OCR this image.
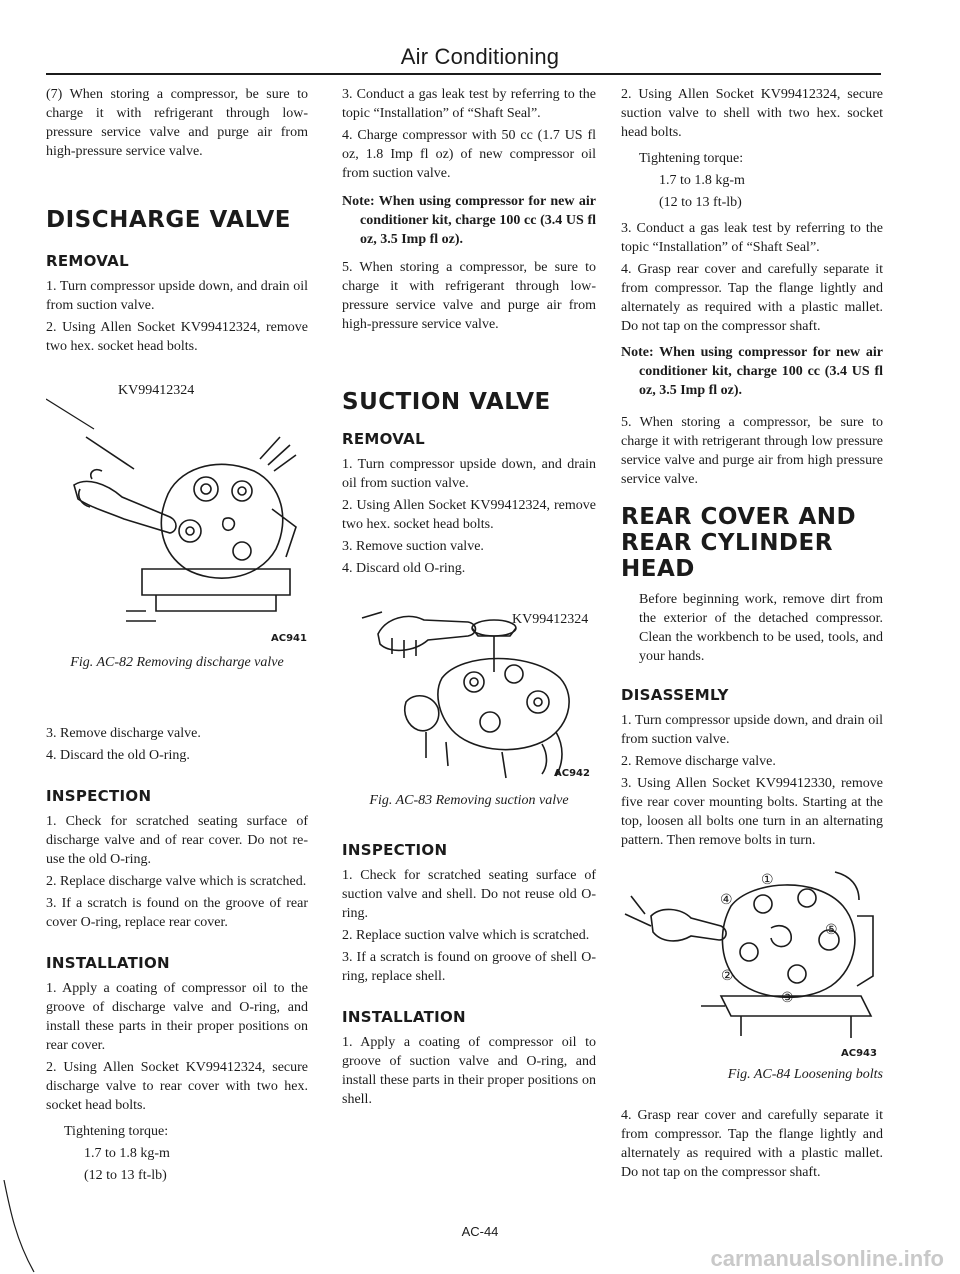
Air Conditioning

(7) When storing a compressor, be sure to charge it with refrigerant through low-pressure service valve and purge air from high-pressure service valve.

DISCHARGE VALVE
REMOVAL

1. Turn compressor upside down, and drain oil from suction valve.

2. Using Allen Socket KV99412324, remove two hex. socket head bolts.

KV99412324
AC941
Fig. AC-82 Removing discharge valve

3. Remove discharge valve.

4. Discard the old O-ring.

INSPECTION

1. Check for scratched seating surface of discharge valve and of rear cover. Do not re-use the old O-ring.

2. Replace discharge valve which is scratched.

3. If a scratch is found on the groove of rear cover O-ring, replace rear cover.

INSTALLATION

1. Apply a coating of compressor oil to the groove of discharge valve and O-ring, and install these parts in their proper positions on rear cover.

2. Using Allen Socket KV99412324, secure discharge valve to rear cover with two hex. socket head bolts.

Tightening torque:

1.7 to 1.8 kg-m

(12 to 13 ft-lb)

3. Conduct a gas leak test by referring to the topic “Installation” of “Shaft Seal”.

4. Charge compressor with 50 cc (1.7 US fl oz, 1.8 Imp fl oz) of new compressor oil from suction valve.

Note: When using compressor for new air conditioner kit, charge 100 cc (3.4 US fl oz, 3.5 Imp fl oz).

5. When storing a compressor, be sure to charge it with refrigerant through low-pressure service valve and purge air from high-pressure service valve.

SUCTION VALVE
REMOVAL

1. Turn compressor upside down, and drain oil from suction valve.

2. Using Allen Socket KV99412324, remove two hex. socket head bolts.

3. Remove suction valve.

4. Discard old O-ring.

KV99412324
AC942
Fig. AC-83 Removing suction valve
INSPECTION

1. Check for scratched seating surface of suction valve and shell. Do not reuse old O-ring.

2. Replace suction valve which is scratched.

3. If a scratch is found on groove of shell O-ring, replace shell.

INSTALLATION

1. Apply a coating of compressor oil to groove of suction valve and O-ring, and install these parts in their proper positions on shell.

2. Using Allen Socket KV99412324, secure suction valve to shell with two hex. socket head bolts.

Tightening torque:

1.7 to 1.8 kg-m

(12 to 13 ft-lb)

3. Conduct a gas leak test by referring to the topic “Installation” of “Shaft Seal”.

4. Grasp rear cover and carefully separate it from compressor. Tap the flange lightly and alternately as required with a plastic mallet. Do not tap on the compressor shaft.

Note: When using compressor for new air conditioner kit, charge 100 cc (3.4 US fl oz, 3.5 Imp fl oz).

5. When storing a compressor, be sure to charge it with retrigerant through low pressure service valve and purge air from high pressure service valve.

REAR COVER AND
REAR CYLINDER
HEAD

Before beginning work, remove dirt from the exterior of the detached compressor. Clean the workbench to be used, tools, and your hands.

DISASSEMLY

1. Turn compressor upside down, and drain oil from suction valve.

2. Remove discharge valve.

3. Using Allen Socket KV99412330, remove five rear cover mounting bolts. Starting at the top, loosen all bolts one turn in an alternating pattern. Then remove bolts in turn.

④
①
⑤
②
③
AC943
Fig. AC-84 Loosening bolts

4. Grasp rear cover and carefully separate it from compressor. Tap the flange lightly and alternately as required with a plastic mallet. Do not tap on the compressor shaft.

AC-44
carmanualsonline.info
